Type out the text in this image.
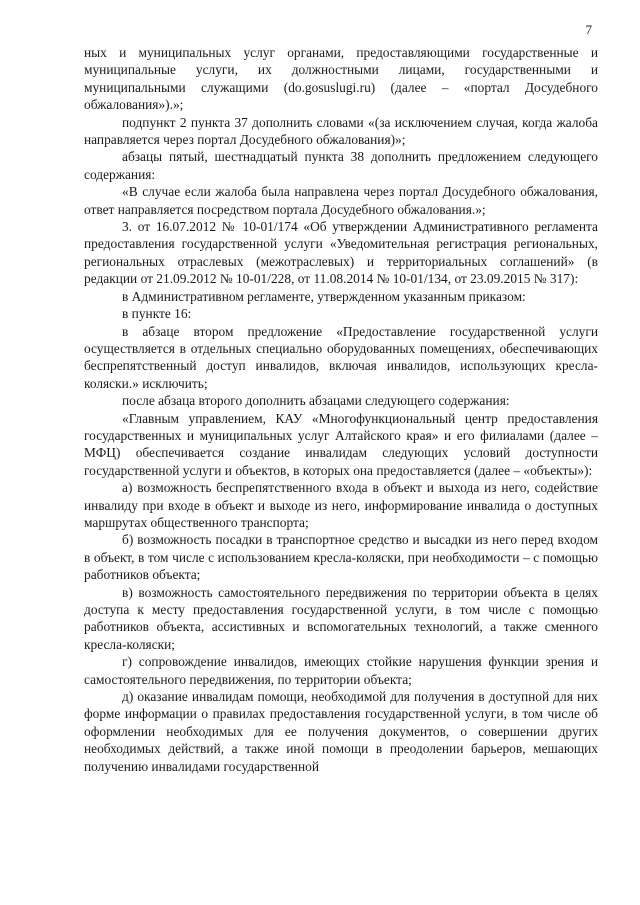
7

ных и муниципальных услуг органами, предоставляющими государственные и муниципальные услуги, их должностными лицами, государственными и муниципальными служащими (do.gosuslugi.ru) (далее – «портал Досудебного обжалования»).»;

подпункт 2 пункта 37 дополнить словами «(за исключением случая, когда жалоба направляется через портал Досудебного обжалования)»;

абзацы пятый, шестнадцатый пункта 38 дополнить предложением следующего содержания:

«В случае если жалоба была направлена через портал Досудебного обжалования, ответ направляется посредством портала Досудебного обжалования.»;

3. от 16.07.2012 № 10-01/174 «Об утверждении Административного регламента предоставления государственной услуги «Уведомительная регистрация региональных, региональных отраслевых (межотраслевых) и территориальных соглашений» (в редакции от 21.09.2012 № 10-01/228, от 11.08.2014 № 10-01/134, от 23.09.2015 № 317):

в Административном регламенте, утвержденном указанным приказом:

в пункте 16:

в абзаце втором предложение «Предоставление государственной услуги осуществляется в отдельных специально оборудованных помещениях, обеспечивающих беспрепятственный доступ инвалидов, включая инвалидов, использующих кресла-коляски.» исключить;

после абзаца второго дополнить абзацами следующего содержания:

«Главным управлением, КАУ «Многофункциональный центр предоставления государственных и муниципальных услуг Алтайского края» и его филиалами (далее – МФЦ) обеспечивается создание инвалидам следующих условий доступности государственной услуги и объектов, в которых она предоставляется (далее – «объекты»):

а) возможность беспрепятственного входа в объект и выхода из него, содействие инвалиду при входе в объект и выходе из него, информирование инвалида о доступных маршрутах общественного транспорта;

б) возможность посадки в транспортное средство и высадки из него перед входом в объект, в том числе с использованием кресла-коляски, при необходимости – с помощью работников объекта;

в) возможность самостоятельного передвижения по территории объекта в целях доступа к месту предоставления государственной услуги, в том числе с помощью работников объекта, ассистивных и вспомогательных технологий, а также сменного кресла-коляски;

г) сопровождение инвалидов, имеющих стойкие нарушения функции зрения и самостоятельного передвижения, по территории объекта;

д) оказание инвалидам помощи, необходимой для получения в доступной для них форме информации о правилах предоставления государственной услуги, в том числе об оформлении необходимых для ее получения документов, о совершении других необходимых действий, а также иной помощи в преодолении барьеров, мешающих получению инвалидами государственной
